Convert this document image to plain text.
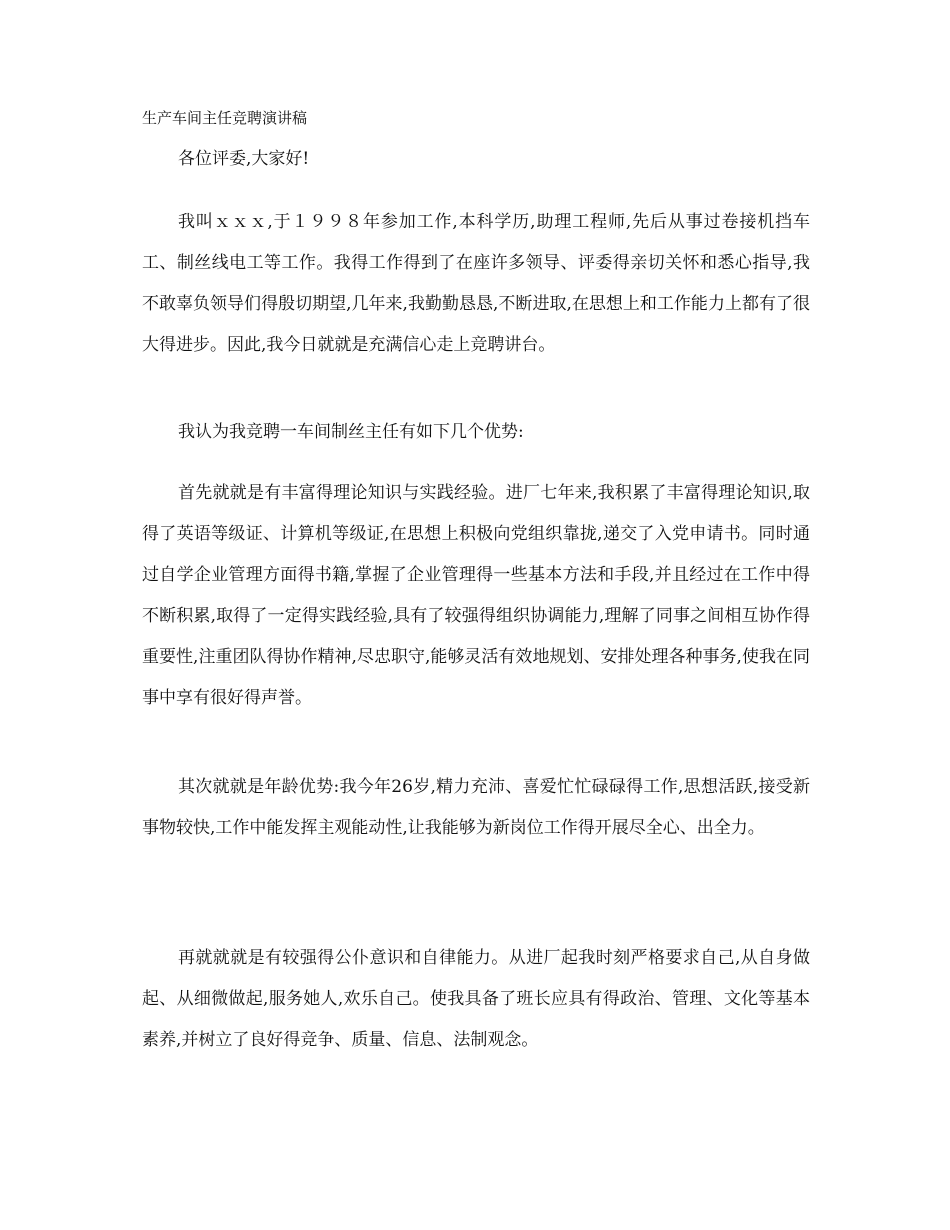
生产车间主任竞聘演讲稿
各位评委,大家好!

我叫ｘｘｘ,于１９９８年参加工作,本科学历,助理工程师,先后从事过卷接机挡车工、制丝线电工等工作。我得工作得到了在座许多领导、评委得亲切关怀和悉心指导,我不敢辜负领导们得殷切期望,几年来,我勤勤恳恳,不断进取,在思想上和工作能力上都有了很大得进步。因此,我今日就就是充满信心走上竞聘讲台。

我认为我竞聘一车间制丝主任有如下几个优势:

首先就就是有丰富得理论知识与实践经验。进厂七年来,我积累了丰富得理论知识,取得了英语等级证、计算机等级证,在思想上积极向党组织靠拢,递交了入党申请书。同时通过自学企业管理方面得书籍,掌握了企业管理得一些基本方法和手段,并且经过在工作中得不断积累,取得了一定得实践经验,具有了较强得组织协调能力,理解了同事之间相互协作得重要性,注重团队得协作精神,尽忠职守,能够灵活有效地规划、安排处理各种事务,使我在同事中享有很好得声誉。

其次就就是年龄优势:我今年26岁,精力充沛、喜爱忙忙碌碌得工作,思想活跃,接受新事物较快,工作中能发挥主观能动性,让我能够为新岗位工作得开展尽全心、出全力。

再就就就是有较强得公仆意识和自律能力。从进厂起我时刻严格要求自己,从自身做起、从细微做起,服务她人,欢乐自己。使我具备了班长应具有得政治、管理、文化等基本素养,并树立了良好得竞争、质量、信息、法制观念。
